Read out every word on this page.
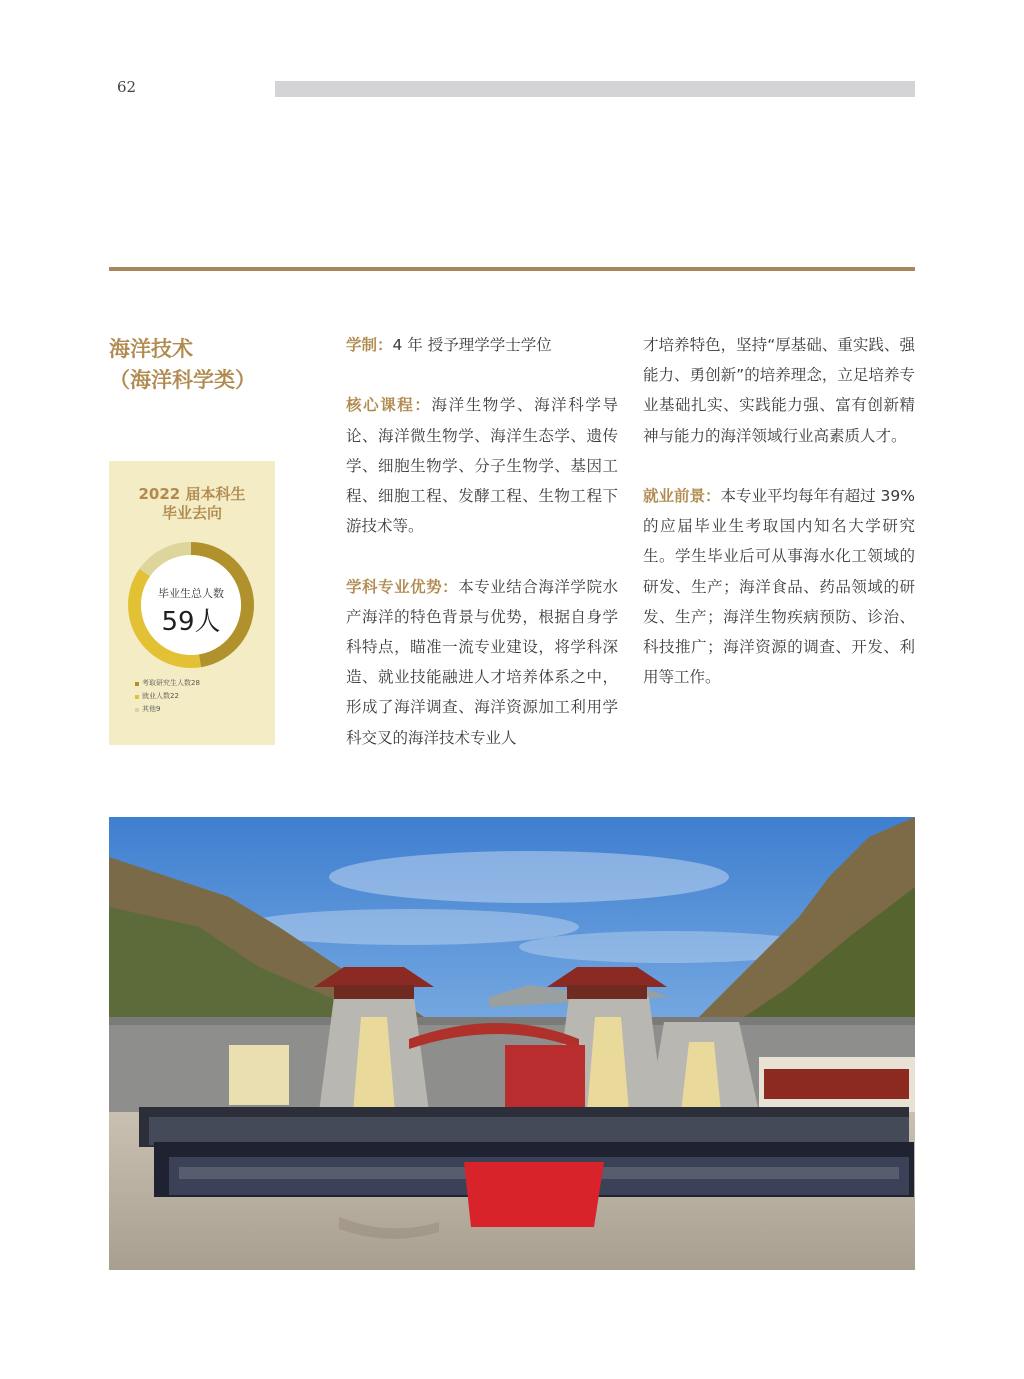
62
海洋技术
（海洋科学类）
2022 届本科生
毕业去向
毕业生总人数
59人
考取研究生人数28
就业人数22
其他9

学制：4 年 授予理学学士学位

核心课程：海洋生物学、海洋科学导论、海洋微生物学、海洋生态学、遗传学、细胞生物学、分子生物学、基因工程、细胞工程、发酵工程、生物工程下游技术等。

学科专业优势：本专业结合海洋学院水产海洋的特色背景与优势，根据自身学科特点，瞄准一流专业建设，将学科深造、就业技能融进人才培养体系之中，形成了海洋调查、海洋资源加工利用学科交叉的海洋技术专业人

才培养特色，坚持“厚基础、重实践、强能力、勇创新”的培养理念，立足培养专业基础扎实、实践能力强、富有创新精神与能力的海洋领域行业高素质人才。

就业前景：本专业平均每年有超过 39% 的应届毕业生考取国内知名大学研究生。学生毕业后可从事海水化工领域的研发、生产；海洋食品、药品领域的研发、生产；海洋生物疾病预防、诊治、科技推广；海洋资源的调查、开发、利用等工作。
